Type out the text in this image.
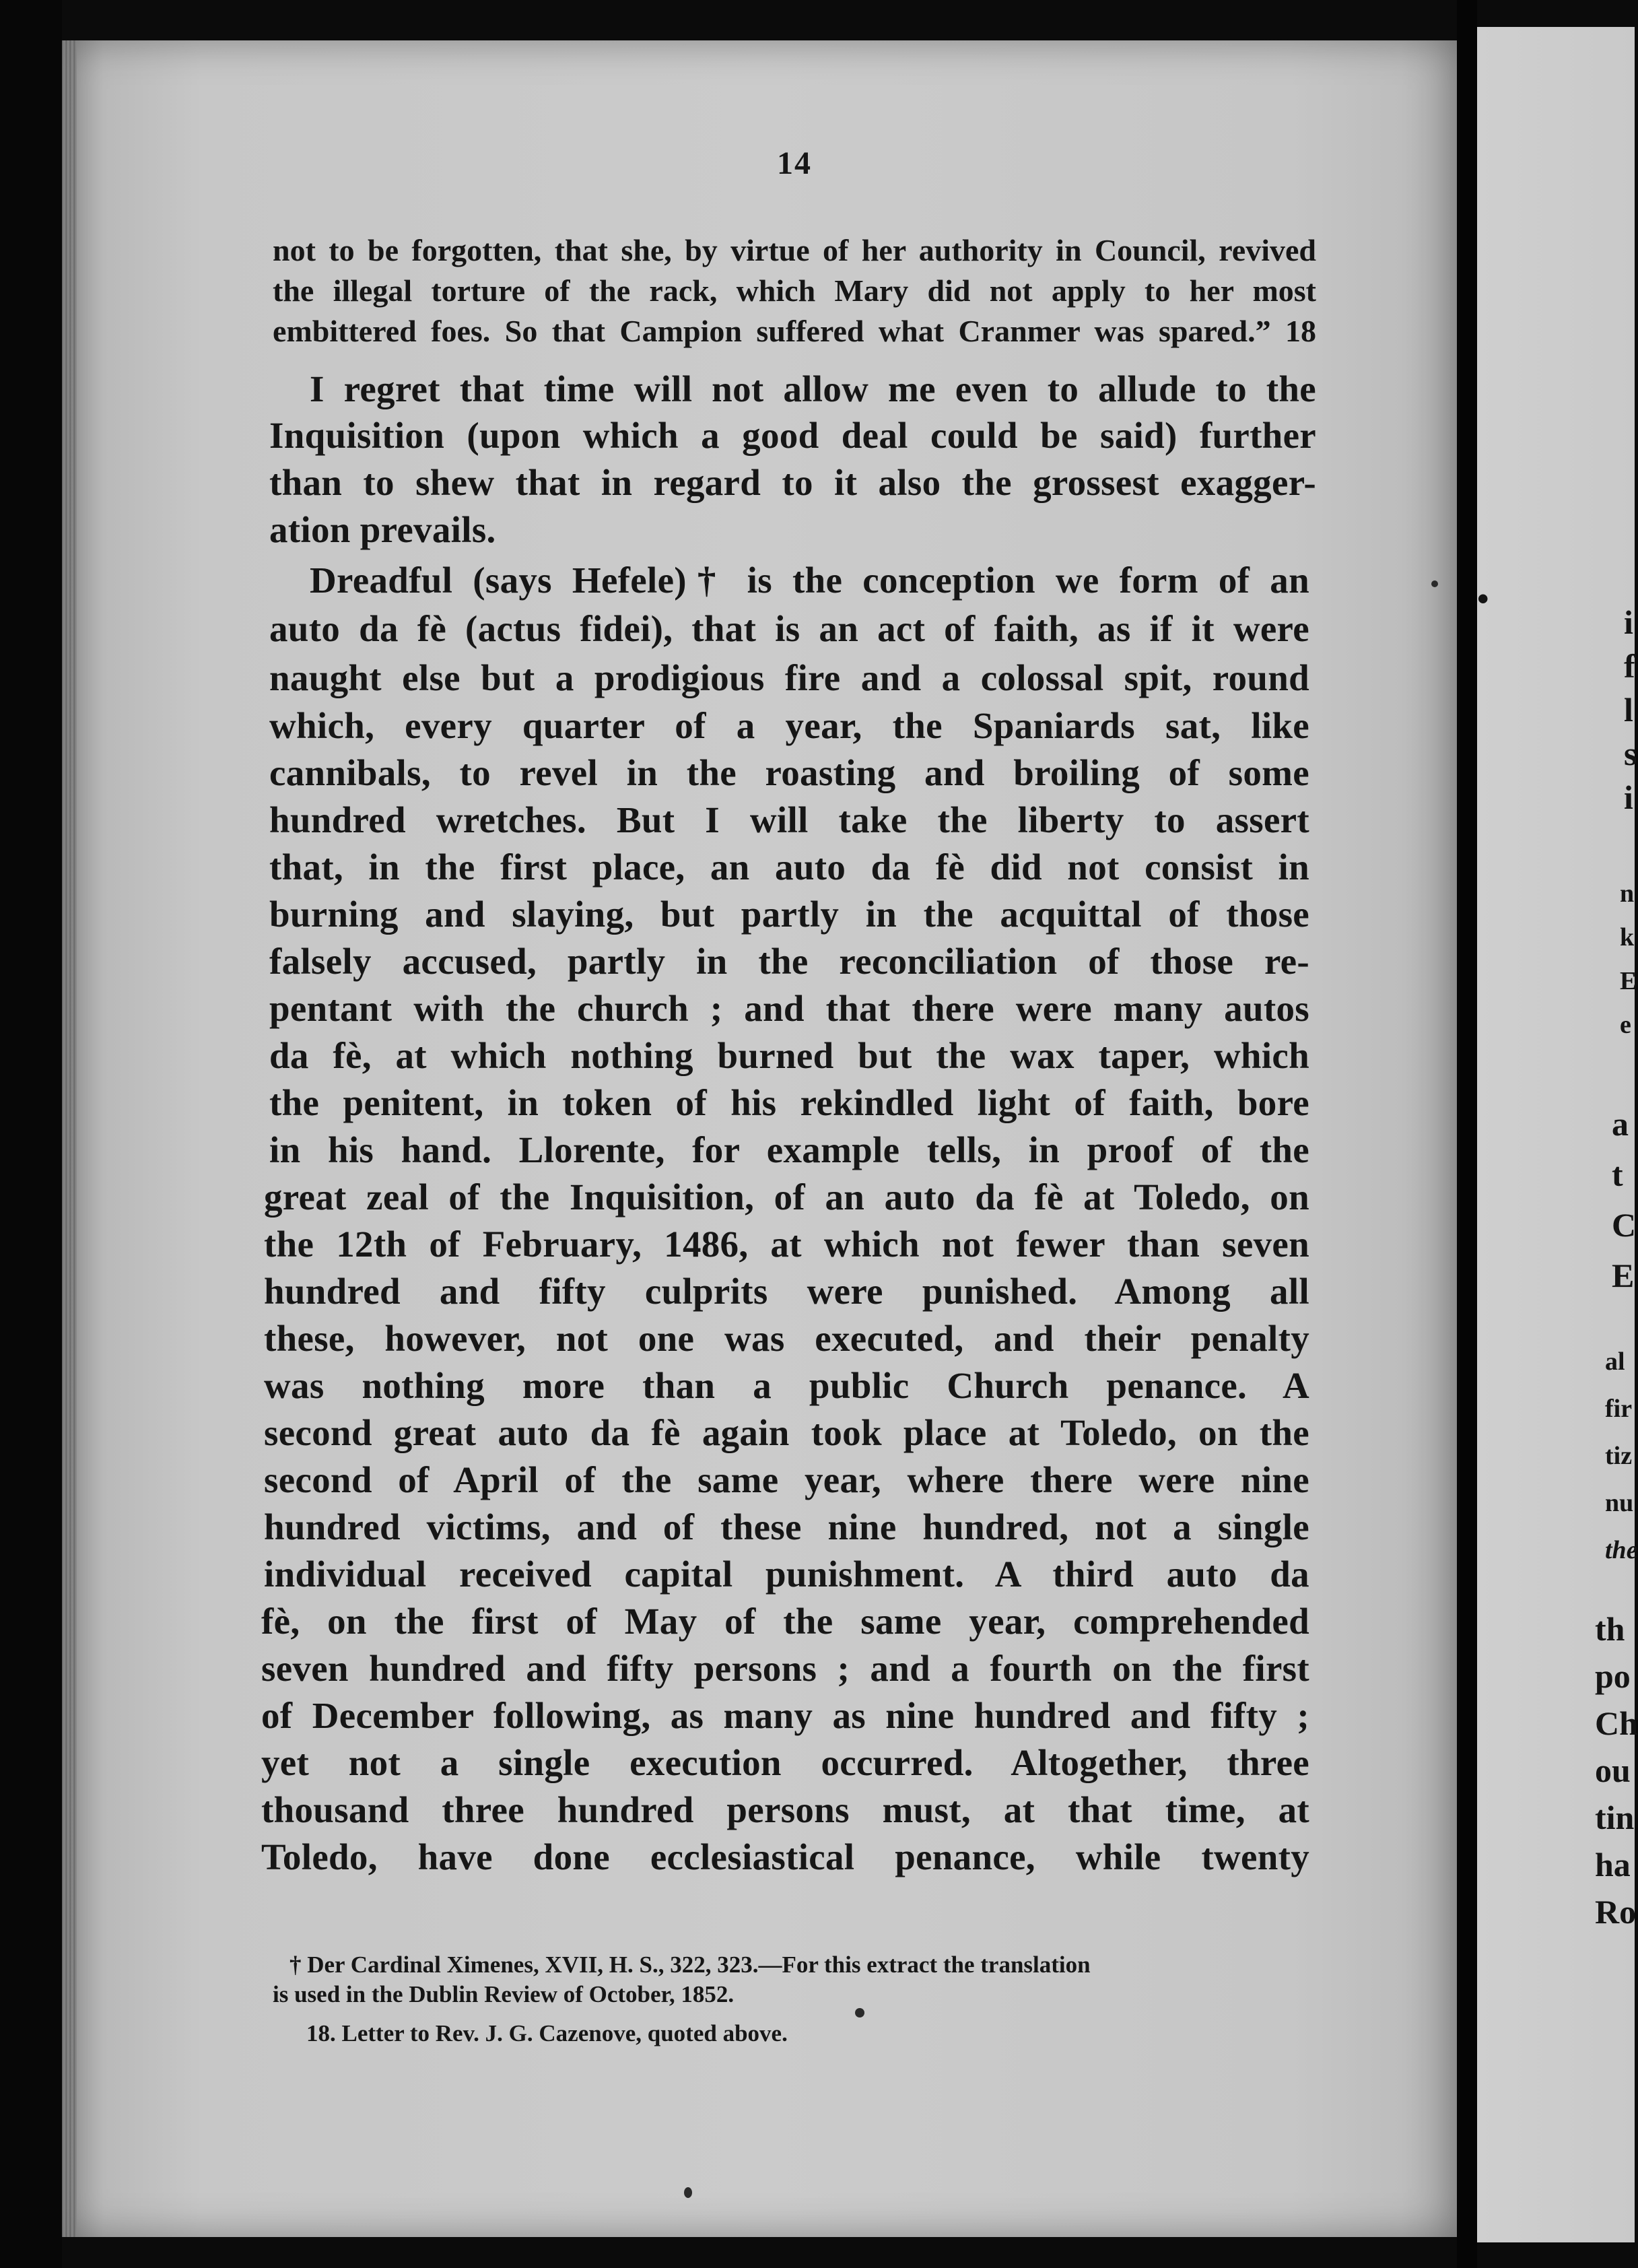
14
not to be forgotten, that she, by virtue of her authority in Council, revived
the illegal torture of the rack, which Mary did not apply to her most
embittered foes. So that Campion suffered what Cranmer was spared.” 18
I regret that time will not allow me even to allude to the
Inquisition (upon which a good deal could be said) further
than to shew that in regard to it also the grossest exagger-
ation prevails.
Dreadful (says Hefele)† is the conception we form of an
auto da fè (actus fidei), that is an act of faith, as if it were
naught else but a prodigious fire and a colossal spit, round
which, every quarter of a year, the Spaniards sat, like
cannibals, to revel in the roasting and broiling of some
hundred wretches. But I will take the liberty to assert
that, in the first place, an auto da fè did not consist in
burning and slaying, but partly in the acquittal of those
falsely accused, partly in the reconciliation of those re-
pentant with the church ; and that there were many autos
da fè, at which nothing burned but the wax taper, which
the penitent, in token of his rekindled light of faith, bore
in his hand. Llorente, for example tells, in proof of the
great zeal of the Inquisition, of an auto da fè at Toledo, on
the 12th of February, 1486, at which not fewer than seven
hundred and fifty culprits were punished. Among all
these, however, not one was executed, and their penalty
was nothing more than a public Church penance. A
second great auto da fè again took place at Toledo, on the
second of April of the same year, where there were nine
hundred victims, and of these nine hundred, not a single
individual received capital punishment. A third auto da
fè, on the first of May of the same year, comprehended
seven hundred and fifty persons ; and a fourth on the first
of December following, as many as nine hundred and fifty ;
yet not a single execution occurred. Altogether, three
thousand three hundred persons must, at that time, at
Toledo, have done ecclesiastical penance, while twenty
† Der Cardinal Ximenes, XVII, H. S., 322, 323.—For this extract the translation
is used in the Dublin Review of October, 1852.
18. Letter to Rev. J. G. Cazenove, quoted above.
•
i
f
l
s
i
n
k
E
e
a
t
C
E
al
fir
tiz
nu
the
th
po
Ch
ou
tin
ha
Ro
